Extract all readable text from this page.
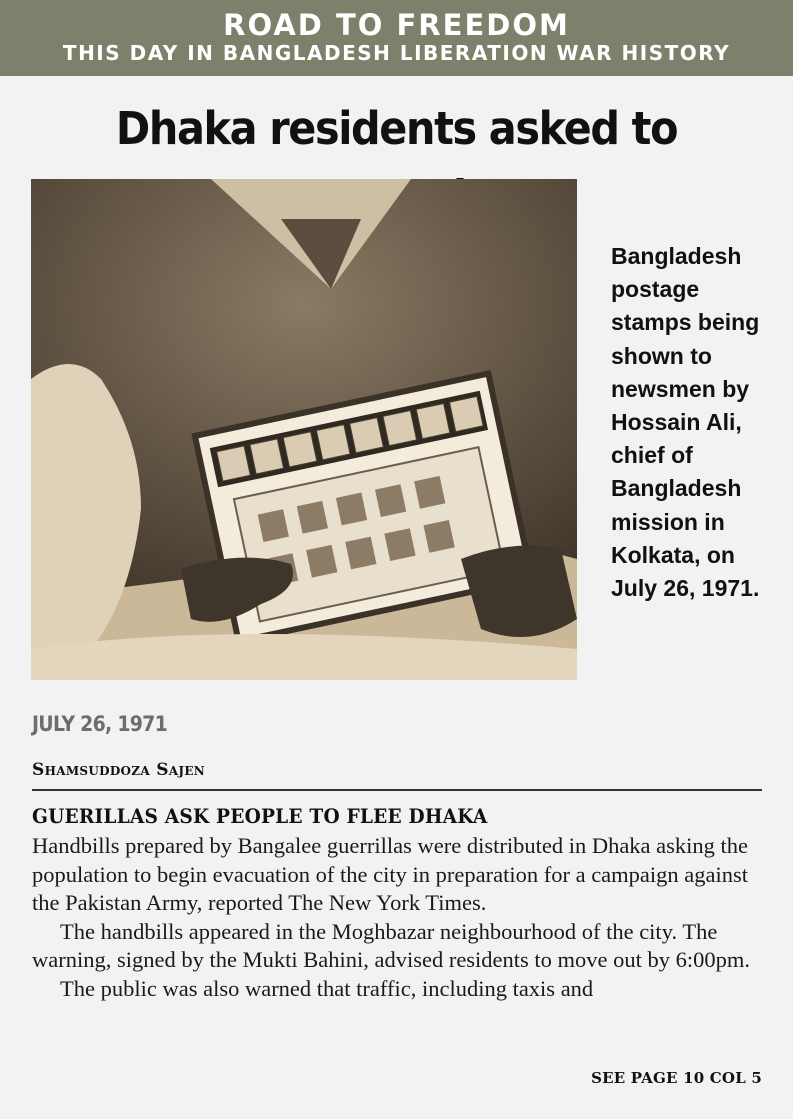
ROAD TO FREEDOM
THIS DAY IN BANGLADESH LIBERATION WAR HISTORY
Dhaka residents asked to
Bangladesh postage stamps being shown to newsmen by Hossain Ali, chief of Bangladesh mission in Kolkata, on July 26, 1971.
JULY 26, 1971
Shamsuddoza Sajen
GUERILLAS ASK PEOPLE TO FLEE DHAKA

Handbills prepared by Bangalee guerrillas were distributed in Dhaka asking the population to begin evacuation of the city in preparation for a campaign against the Pakistan Army, reported The New York Times.

The handbills appeared in the Moghbazar neighbourhood of the city. The warning, signed by the Mukti Bahini, advised residents to move out by 6:00pm.

The public was also warned that traffic, including taxis and

SEE PAGE 10 COL 5
